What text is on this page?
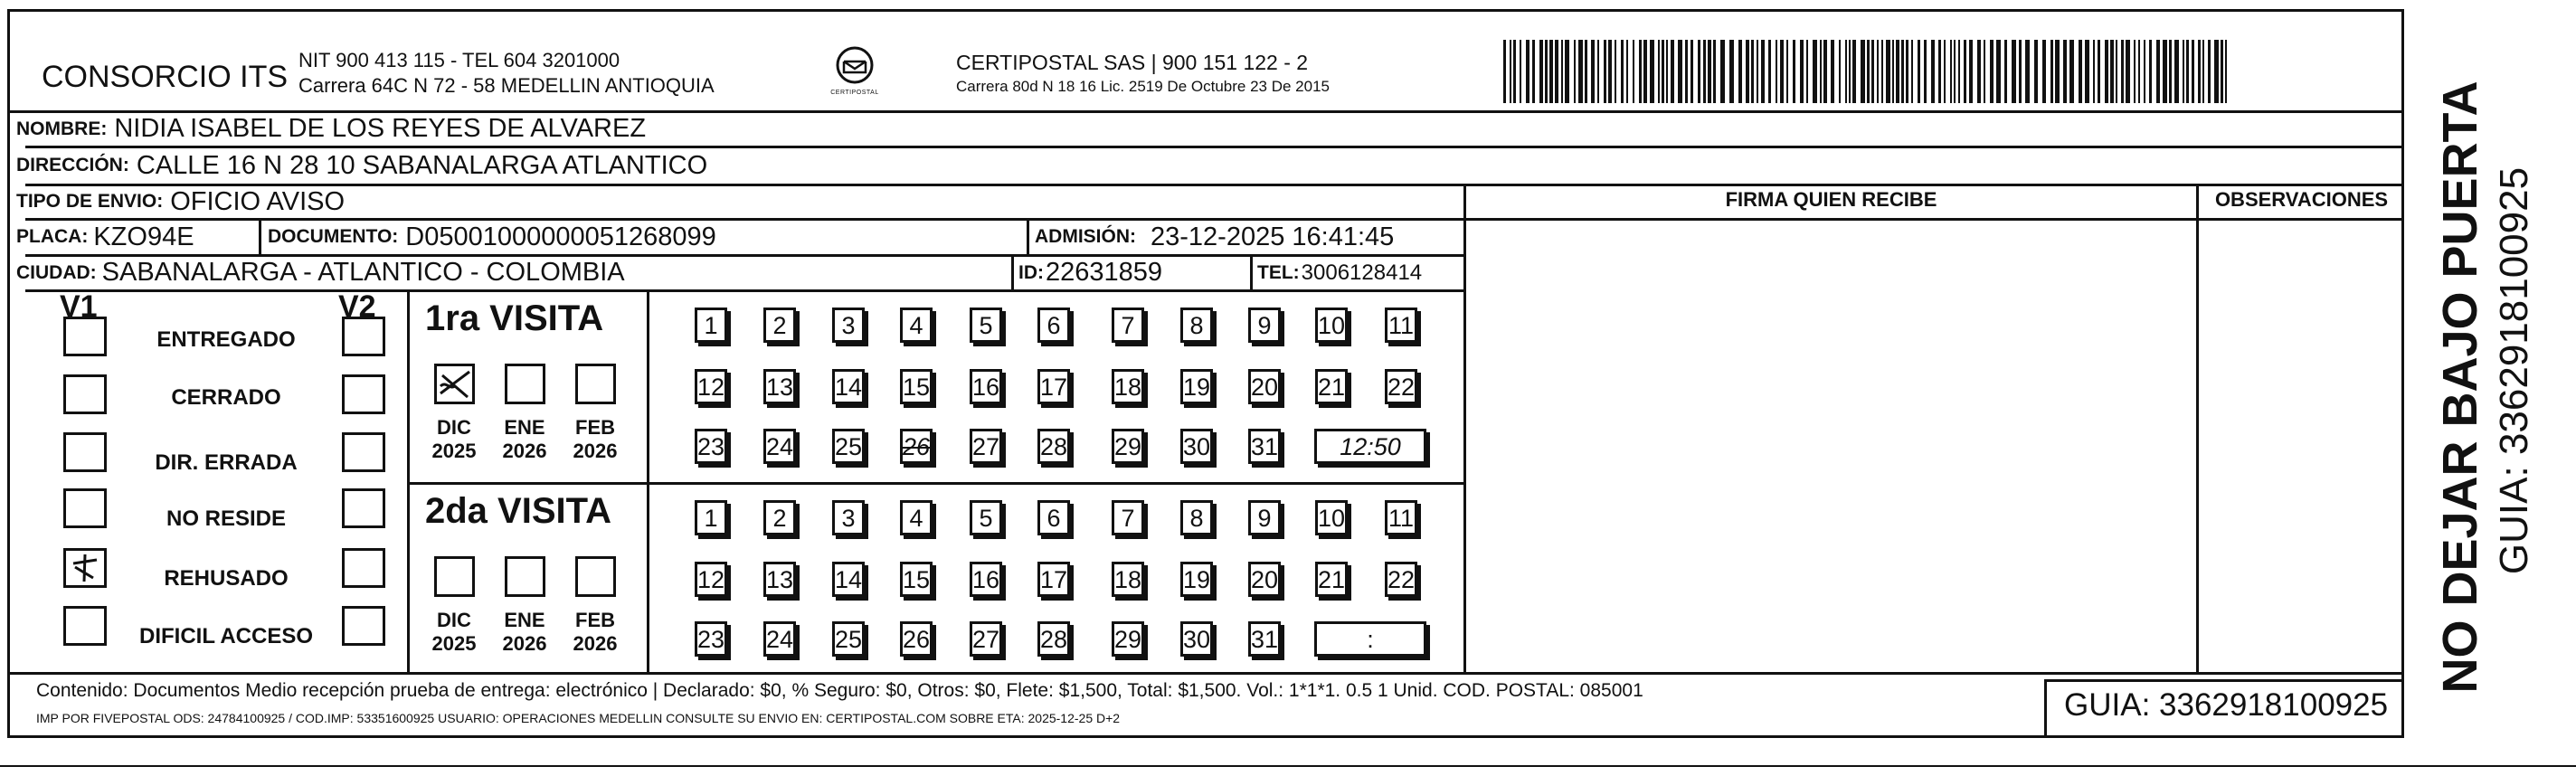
CONSORCIO ITS NIT 900 413 115 - TEL 604 3201000
Carrera 64C N 72 - 58 MEDELLIN ANTIOQUIA	CERTIPOSTAL
CERTIPOSTAL SAS | 900 151 122 - 2
Carrera 80d N 18 16 Lic. 2519 De Octubre 23 De 2015
NOMBRE: NIDIA ISABEL DE LOS REYES DE ALVAREZ
DIRECCIÓN: CALLE 16 N 28 10 SABANALARGA ATLANTICO
TIPO DE ENVIO: OFICIO AVISO
PLACA: KZO94E	DOCUMENTO: D05001000000051268099	ADMISIÓN: 23-12-2025 16:41:45
CIUDAD: SABANALARGA - ATLANTICO - COLOMBIA	ID: 22631859	TEL: 3006128414
FIRMA QUIEN RECIBE	OBSERVACIONES
V1	V2
ENTREGADO
CERRADO
DIR. ERRADA
NO RESIDE
REHUSADO
DIFICIL ACCESO
1ra VISITA
DIC
2025
ENE
2026
FEB
2026
1	2	3	4	5	6	7	8	9	10 11
12 13 14 15 16 17 18 19 20 21 22
23 24 25 26 27 28 29 30 31	12:50
2da VISITA
DIC
2025
ENE
2026
FEB
2026
1	2	3	4	5	6	7	8	9	10 11
12 13 14 15 16 17 18 19 20 21 22
23 24 25 26 27 28 29 30 31	:
Contenido: Documentos Medio recepción prueba de entrega: electrónico | Declarado: $0, % Seguro: $0, Otros: $0, Flete: $1,500, Total: $1,500. Vol.: 1*1*1. 0.5 1 Unid. COD. POSTAL: 085001
IMP POR FIVEPOSTAL ODS: 24784100925 / COD.IMP: 53351600925 USUARIO: OPERACIONES MEDELLIN CONSULTE SU ENVIO EN: CERTIPOSTAL.COM SOBRE ETA: 2025-12-25 D+2	GUIA: 3362918100925
NO DEJAR BAJO PUERTA GUIA: 3362918100925
